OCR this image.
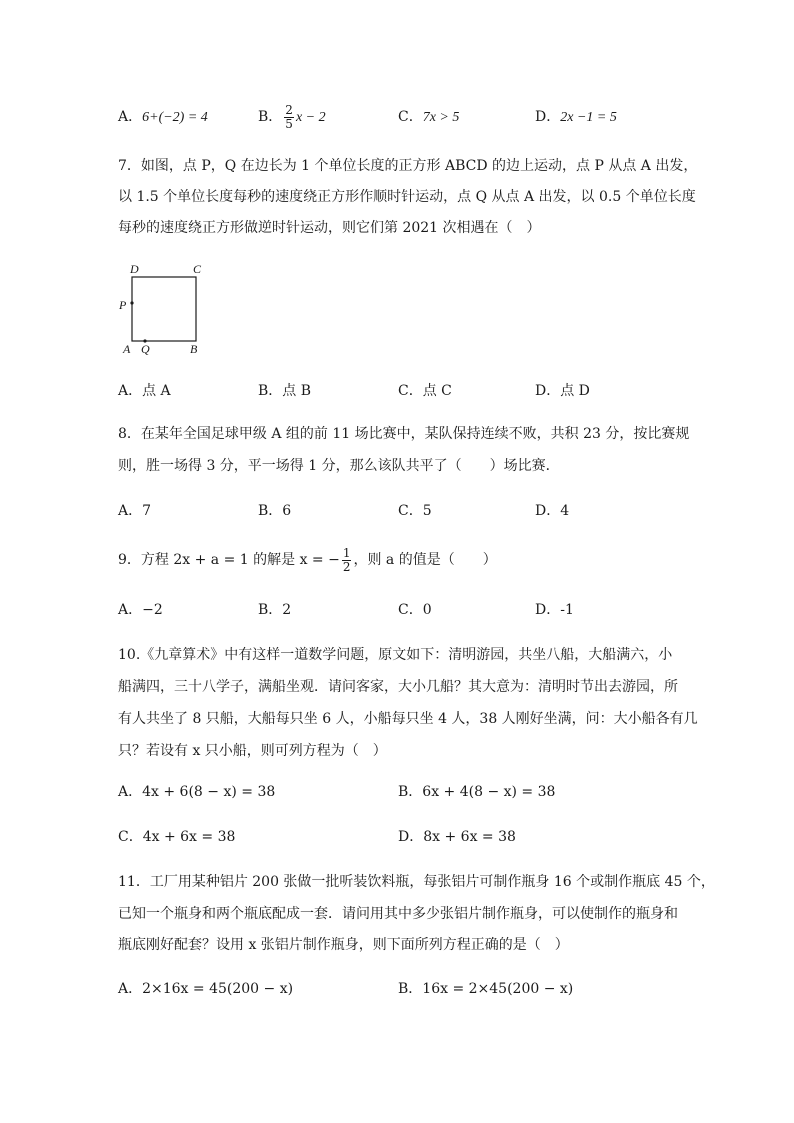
A．6+(−2) = 4	B． $\frac{2}{5}$ x − 2	C．7x > 5	D．2x −1 = 5
7．如图，点 P，Q 在边长为 1 个单位长度的正方形 ABCD 的边上运动，点 P 从点 A 出发，
以 1.5 个单位长度每秒的速度绕正方形作顺时针运动，点 Q 从点 A 出发，以 0.5 个单位长度
每秒的速度绕正方形做逆时针运动，则它们第 2021 次相遇在（　）
D	C
P
A Q	B
A．点 A	B．点 B	C．点 C	D．点 D
8．在某年全国足球甲级 A 组的前 11 场比赛中，某队保持连续不败，共积 23 分，按比赛规
则，胜一场得 3 分，平一场得 1 分，那么该队共平了（　　）场比赛．
A．7	B．6	C．5	D．4
9．方程 2x + a = 1 的解是 x = − $\frac{1}{2}$ ，则 a 的值是（　　）
A．−2	B．2	C．0	D．-1
10.《九章算术》中有这样一道数学问题，原文如下：清明游园，共坐八船，大船满六，小
船满四，三十八学子，满船坐观．请问客家，大小几船？其大意为：清明时节出去游园，所
有人共坐了 8 只船，大船每只坐 6 人，小船每只坐 4 人，38 人刚好坐满，问：大小船各有几
只？若设有 x 只小船，则可列方程为（　）
A．4x + 6(8 − x) = 38	B．6x + 4(8 − x) = 38
C．4x + 6x = 38	D．8x + 6x = 38
11．工厂用某种铝片 200 张做一批听装饮料瓶，每张铝片可制作瓶身 16 个或制作瓶底 45 个，
已知一个瓶身和两个瓶底配成一套．请问用其中多少张铝片制作瓶身，可以使制作的瓶身和
瓶底刚好配套？设用 x 张铝片制作瓶身，则下面所列方程正确的是（　）
A．2×16x = 45(200 − x)	B．16x = 2×45(200 − x)
